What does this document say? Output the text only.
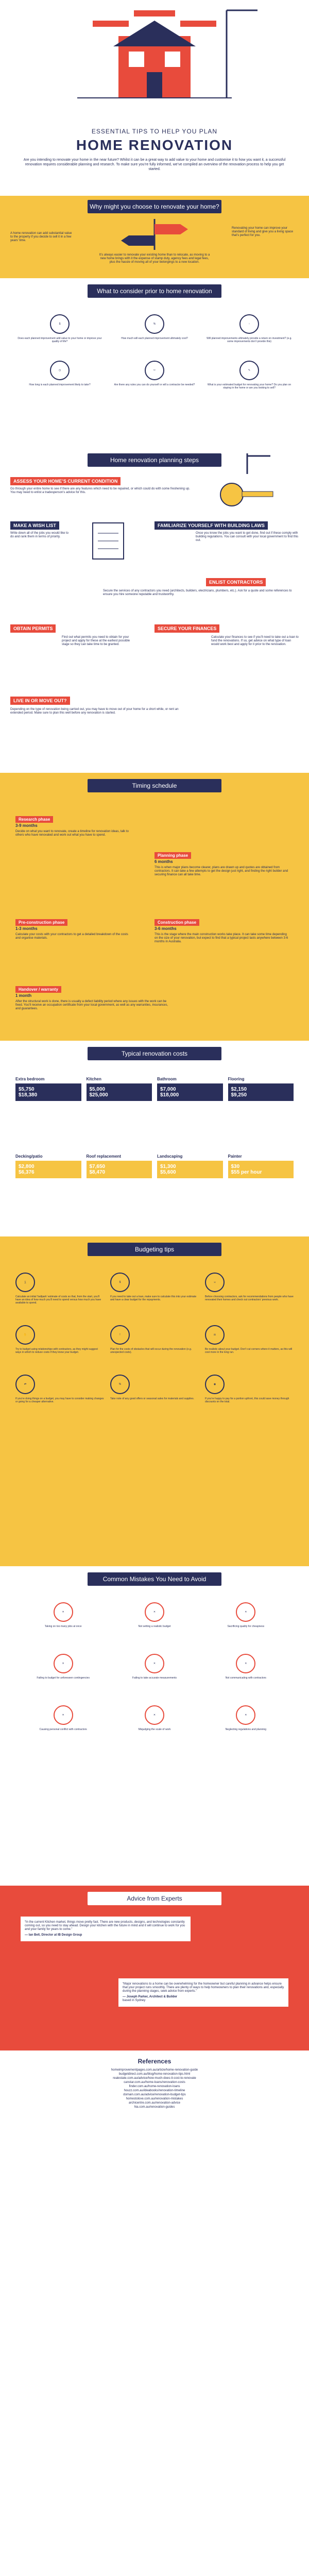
ESSENTIAL TIPS TO HELP YOU PLAN
HOME RENOVATION
Are you intending to renovate your home in the near future? Whilst it can be a great way to add value to your home and customise it to how you want it, a successful renovation requires considerable planning and research. To make sure you’re fully informed, we’ve compiled an overview of the renovation process to help you get started.
Why might you choose to renovate your home?
A home renovation can add substantial value to the property if you decide to sell it in a few years’ time.
Renovating your home can improve your standard of living and give you a living space that’s perfect for you.
It’s always easier to renovate your existing home than to relocate, as moving to a new home brings with it the expense of stamp duty, agency fees and legal fees, plus the hassle of moving all of your belongings to a new location.
What to consider prior to home renovation
$
Does each planned improvement add value to your home or improve your quality of life?
%
How much will each planned improvement ultimately cost?
↑
Will planned improvements ultimately provide a return on investment? (e.g. some improvements don’t provide this)
◷
How long is each planned improvement likely to take?
✂
Are there any rules you can do yourself or will a contractor be needed?
✎
What is your estimated budget for renovating your home? Do you plan on staying in the home or are you looking to sell?
Home renovation planning steps
ASSESS YOUR HOME’S CURRENT CONDITION
Go through your entire home to see if there are any features which need to be repaired, or which could do with some freshening up. You may need to enlist a tradesperson’s advice for this.
MAKE A WISH LIST
Write down all of the jobs you would like to do and rank them in terms of priority.
FAMILIARIZE YOURSELF WITH BUILDING LAWS
Once you know the jobs you want to get done, find out if these comply with building regulations. You can consult with your local government to find this out.
ENLIST CONTRACTORS
Secure the services of any contractors you need (architects, builders, electricians, plumbers, etc.). Ask for a quote and some references to ensure you hire someone reputable and trustworthy.
OBTAIN PERMITS
Find out what permits you need to obtain for your project and apply for these at the earliest possible stage so they can take time to be granted.
SECURE YOUR FINANCES
Calculate your finances to see if you’ll need to take out a loan to fund the renovations. If so, get advice on what type of loan would work best and apply for it prior to the renovation.
LIVE IN OR MOVE OUT?
Depending on the type of renovation being carried out, you may have to move out of your home for a short while, or rent an extended period. Make sure to plan this well before any renovation is started.
Timing schedule
Research phase
3-9 months
Decide on what you want to renovate, create a timeline for renovation ideas, talk to others who have renovated and work out what you have to spend.
Planning phase
6 months
This is when major plans become clearer, plans are drawn up and quotes are obtained from contractors. It can take a few attempts to get the design just right, and finding the right builder and securing finance can all take time.
Pre-construction phase
1-3 months
Calculate your costs with your contractors to get a detailed breakdown of the costs and organise materials.
Construction phase
3-6 months
This is the stage where the main construction works take place. It can take some time depending on the size of your renovation, but expect to find that a typical project lasts anywhere between 3-6 months in Australia.
Handover / warranty
1 month
After the structural work is done, there is usually a defect liability period where any issues with the work can be fixed. You’ll receive an occupation certificate from your local government, as well as any warranties, insurances, and guarantees.
Typical renovation costs
Extra bedroom
$5,750
$18,380
Kitchen
$5,000
$25,000
Bathroom
$7,000
$18,000
Flooring
$2,150
$9,250
Decking/patio
$2,800
$6,376
Roof replacement
$7,650
$8,470
Landscaping
$1,300
$5,600
Painter
$30
$55 per hour
Budgeting tips
∑
Calculate an initial ‘ballpark’ estimate of costs so that, from the start, you’ll have an idea of how much you’ll need to spend versus how much you have available to spend.
$
If you need to take out a loan, make sure to calculate this into your estimate and have a clear budget for the repayments.
☺
Before choosing contractors, ask for recommendations from people who have renovated their homes and check out contractors’ previous work.
✋
Try to budget using relationships with contractors, as they might suggest ways in which to reduce costs if they know your budget.
!
Plan for the costs of obstacles that will occur during the renovation (e.g. unexpected costs).
⚖
Be realistic about your budget. Don’t cut corners where it matters, as this will cost more in the long run.
⇄
If you’re doing things on a budget, you may have to consider making changes or going for a cheaper alternative.
%
Take note of any good offers or seasonal sales for materials and supplies.
◉
If you’re happy to pay for a portion upfront, this could save money through discounts on the total.
Common Mistakes You Need to Avoid
✕
Taking on too many jobs at once
✕
Not setting a realistic budget
✕
Sacrificing quality for cheapness
✕
Failing to budget for unforeseen contingencies
✕
Failing to take accurate measurements
✕
Not communicating with contractors
✕
Causing personal conflict with contractors
✕
Misjudging the scale of work
✕
Neglecting regulations and planning
Advice from Experts
“In the current Kitchen market, things move pretty fast. There are new products, designs, and technologies constantly coming out, so you need to stay ahead. Design your kitchen with the future in mind and it will continue to work for you and your family for years to come.”
— Ian Bell, Director at IB Design Group
“Major renovations to a home can be overwhelming for the homeowner but careful planning in advance helps ensure that your project runs smoothly. There are plenty of ways to help homeowners to plan their renovations and, especially during the planning stages, seek advice from experts.”
— Joseph Parker, Architect & Builder
based in Sydney
References
homeimprovementpages.com.au/article/home-renovation-guide
budgetdirect.com.au/blog/home-renovation-tips.html
realestate.com.au/advice/how-much-does-it-cost-to-renovate
canstar.com.au/home-loans/renovation-costs
finder.com.au/home-renovation-loans
houzz.com.au/ideabooks/renovation-timeline
domain.com.au/advice/renovation-budget-tips
homestolove.com.au/renovation-mistakes
archicentre.com.au/renovation-advice
hia.com.au/renovation-guides
